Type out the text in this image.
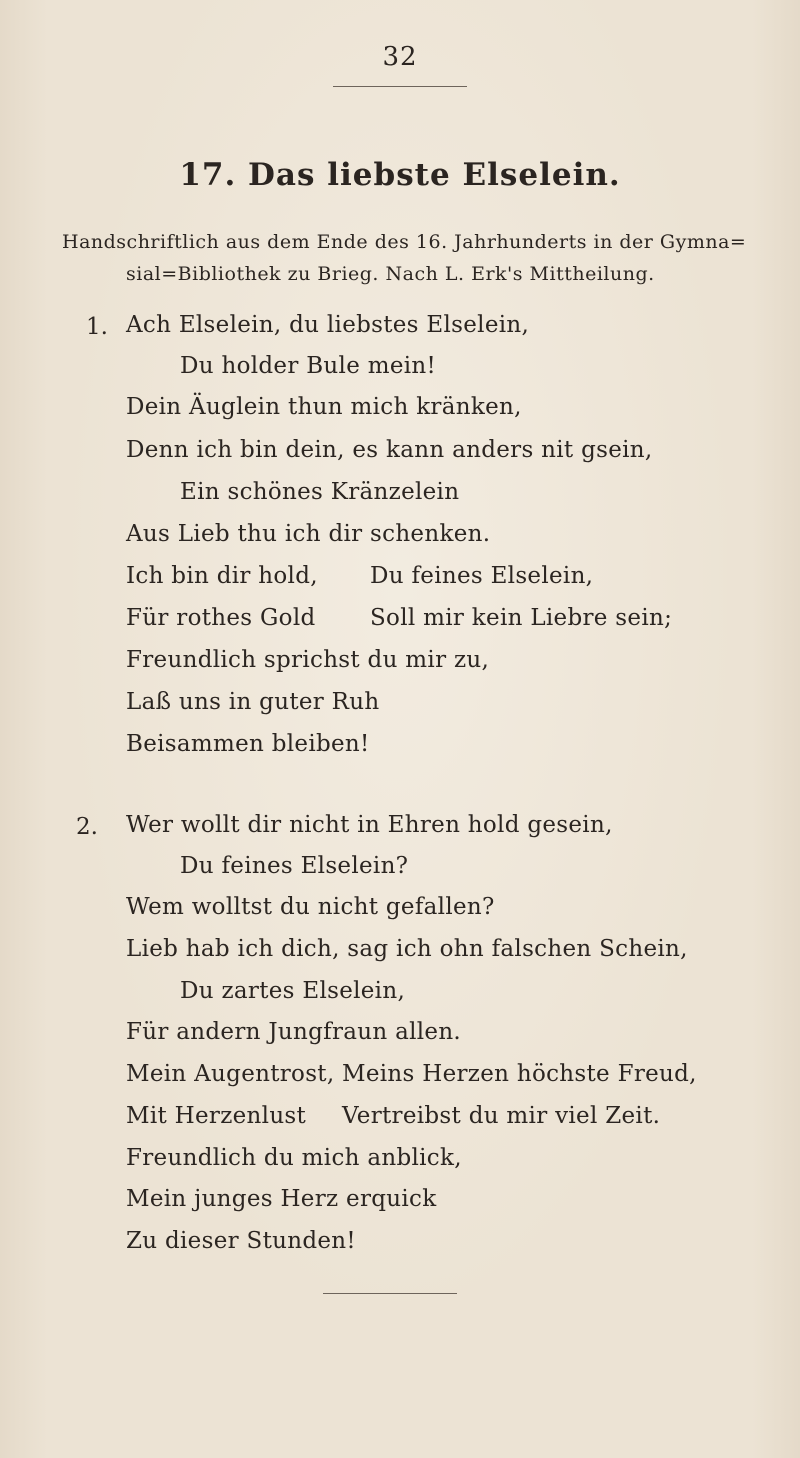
32
17. Das liebste Elselein.
Handschriftlich aus dem Ende des 16. Jahrhunderts in der Gymna=
sial=Bibliothek zu Brieg. Nach L. Erk's Mittheilung.
1. Ach Elselein, du liebstes Elselein,
Du holder Bule mein!
Dein Äuglein thun mich kränken,
Denn ich bin dein, es kann anders nit gsein,
Ein schönes Kränzelein
Aus Lieb thu ich dir schenken.
Ich bin dir hold, Du feines Elselein,
Für rothes Gold Soll mir kein Liebre sein;
Freundlich sprichst du mir zu,
Laß uns in guter Ruh
Beisammen bleiben!
2. Wer wollt dir nicht in Ehren hold gesein,
Du feines Elselein?
Wem wolltst du nicht gefallen?
Lieb hab ich dich, sag ich ohn falschen Schein,
Du zartes Elselein,
Für andern Jungfraun allen.
Mein Augentrost, Meins Herzen höchste Freud,
Mit Herzenlust Vertreibst du mir viel Zeit.
Freundlich du mich anblick,
Mein junges Herz erquick
Zu dieser Stunden!
